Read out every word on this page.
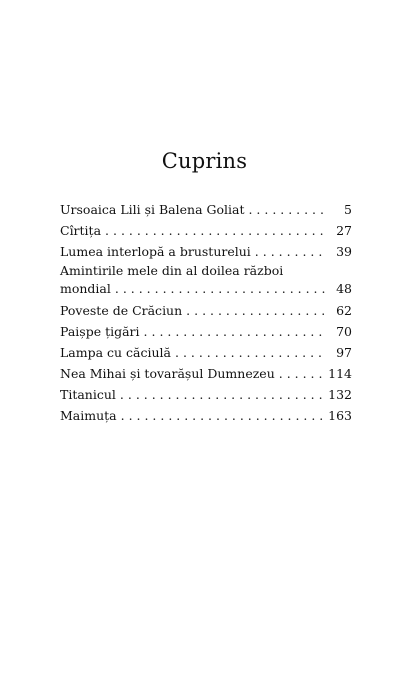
Cuprins
Ursoaica Lili și Balena Goliat . . .	5
Cîrtița . . .	27
Lumea interlopă a brusturelui . . .	39
Amintirile mele din al doilea război
mondial . . .	48
Poveste de Crăciun . . .	62
Paișpe țigări . . .	70
Lampa cu căciulă . . .	97
Nea Mihai și tovarășul Dumnezeu . . .	114
Titanicul . . .	132
Maimuța . . .	163
